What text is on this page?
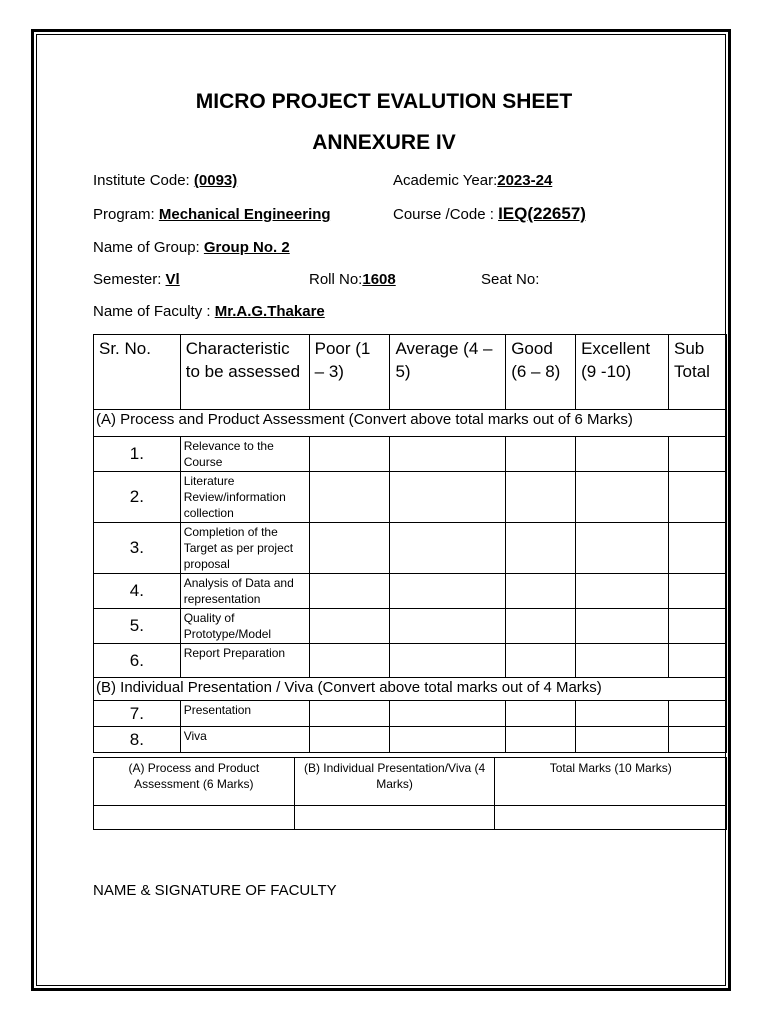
MICRO PROJECT EVALUTION SHEET
ANNEXURE IV
Institute Code: (0093)	Academic Year:2023-24
Program: Mechanical Engineering	Course /Code : IEQ(22657)
Name of Group: Group No. 2
Semester: Vl	Roll No:1608	Seat No:
Name of Faculty : Mr.A.G.Thakare
Sr. No.	Characteristic to be assessed	Poor (1 – 3)	Average (4 – 5)	Good (6 – 8)	Excellent (9 -10)	Sub Total
(A) Process and Product Assessment (Convert above total marks out of 6 Marks)						
1.	Relevance to the Course					
2.	Literature Review/information collection					
3.	Completion of the Target as per project proposal					
4.	Analysis of Data and representation					
5.	Quality of Prototype/Model					
6.	Report Preparation					
(B) Individual Presentation / Viva (Convert above total marks out of 4 Marks)						
7.	Presentation					
8.	Viva					
(A) Process and Product Assessment (6 Marks)	(B) Individual Presentation/Viva (4 Marks)	Total Marks (10 Marks)

NAME & SIGNATURE OF FACULTY
